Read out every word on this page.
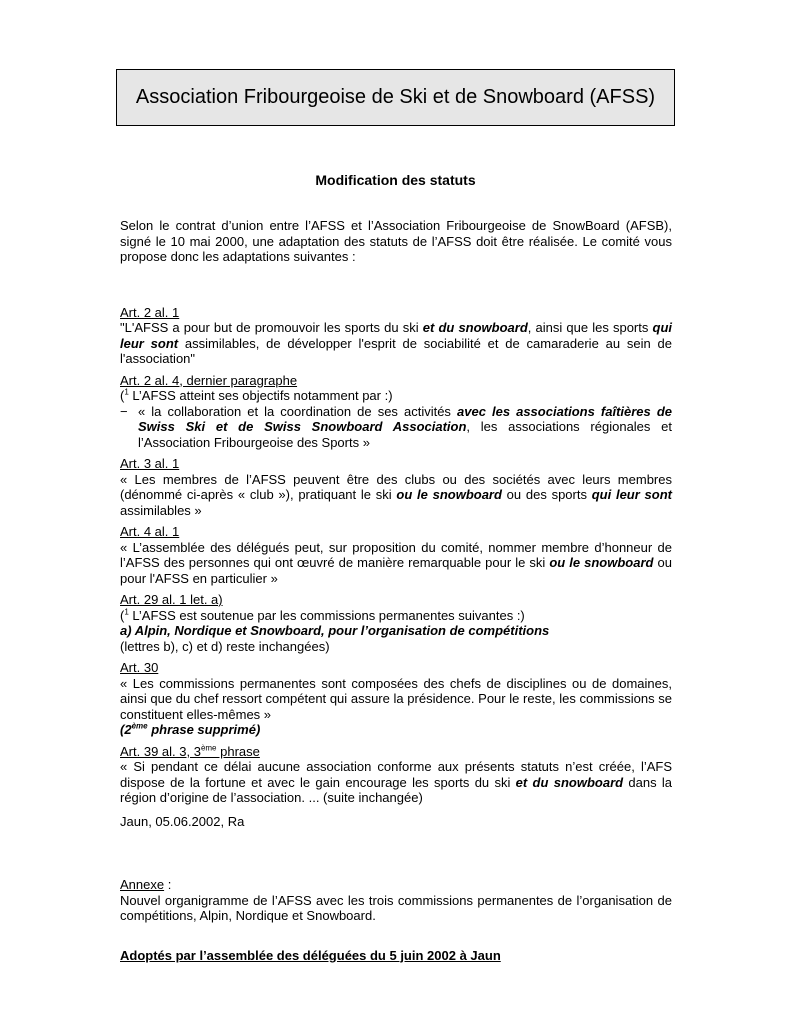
Association Fribourgeoise de Ski et de Snowboard (AFSS)
Modification des statuts

Selon le contrat d’union entre l’AFSS et l’Association Fribourgeoise de SnowBoard (AFSB), signé le 10 mai 2000, une adaptation des statuts de l’AFSS doit être réalisée. Le comité vous propose donc les adaptations suivantes :

Art. 2 al. 1

"L'AFSS a pour but de promouvoir les sports du ski et du snowboard, ainsi que les sports qui leur sont assimilables, de développer l'esprit de sociabilité et de camaraderie au sein de l'association"

Art. 2 al. 4, dernier paragraphe
($^1$ L’AFSS atteint ses objectifs notamment par :)
− « la collaboration et la coordination de ses activités avec les associations faîtières de Swiss Ski et de Swiss Snowboard Association, les associations régionales et l’Association Fribourgeoise des Sports »
Art. 3 al. 1

« Les membres de l’AFSS peuvent être des clubs ou des sociétés avec leurs membres (dénommé ci-après « club »), pratiquant le ski ou le snowboard ou des sports qui leur sont assimilables »

Art. 4 al. 1

« L’assemblée des délégués peut, sur proposition du comité, nommer membre d’honneur de l’AFSS des personnes qui ont œuvré de manière remarquable pour le ski ou le snowboard ou pour l'AFSS en particulier »

Art. 29 al. 1 let. a)
($^1$ L’AFSS est soutenue par les commissions permanentes suivantes :)
a) Alpin, Nordique et Snowboard, pour l’organisation de compétitions
(lettres b), c) et d) reste inchangées)
Art. 30

« Les commissions permanentes sont composées des chefs de disciplines ou de domaines, ainsi que du chef ressort compétent qui assure la présidence. Pour le reste, les commissions se constituent elles-mêmes »

(2ème phrase supprimé)
Art. 39 al. 3, 3ème phrase

« Si pendant ce délai aucune association conforme aux présents statuts n’est créée, l’AFS dispose de la fortune et avec le gain encourage les sports du ski et du snowboard dans la région d’origine de l’association. ... (suite inchangée)

Jaun, 05.06.2002, Ra
Annexe :

Nouvel organigramme de l’AFSS avec les trois commissions permanentes de l’organisation de compétitions, Alpin, Nordique et Snowboard.

Adoptés par l’assemblée des déléguées du 5 juin 2002 à Jaun
